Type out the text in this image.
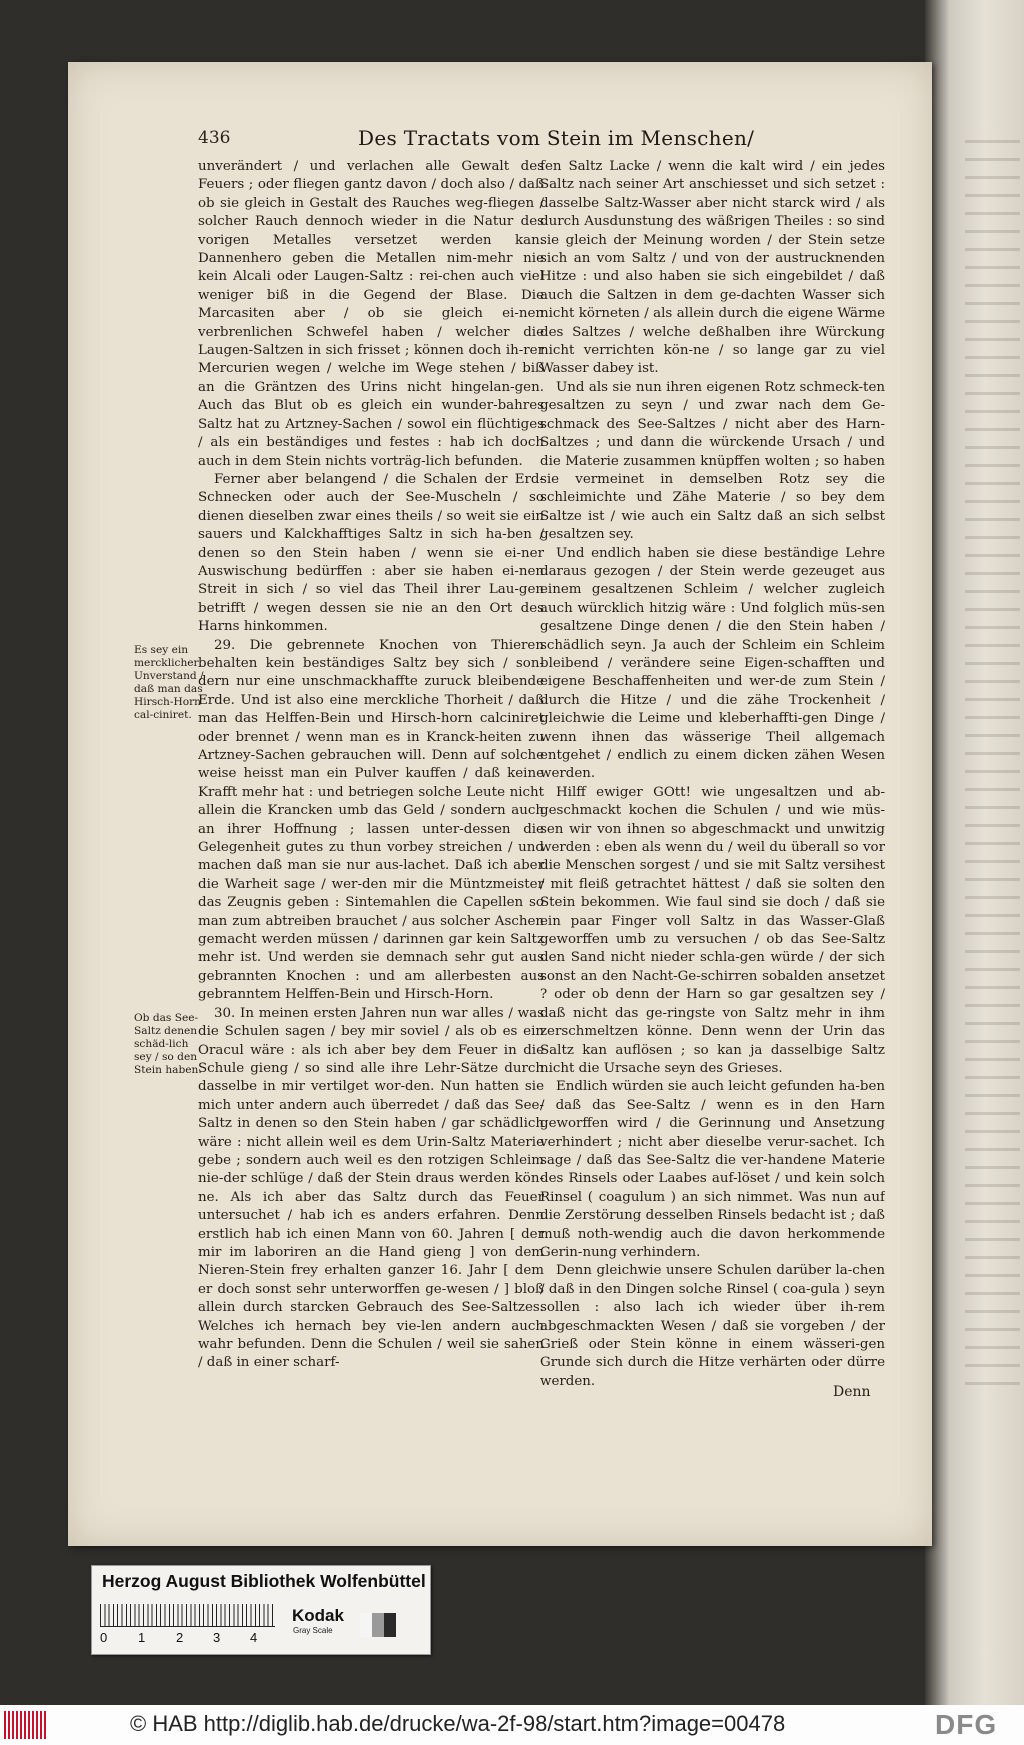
436	Des Tractats vom Stein im Menschen/

unverändert / und verlachen alle Gewalt des Feuers ; oder fliegen gantz davon / doch also / daß ob sie gleich in Gestalt des Rauches weg-fliegen / solcher Rauch dennoch wieder in die Natur des vorigen Metalles versetzet werden kan. Dannenhero geben die Metallen nim-mehr nie kein Alcali oder Laugen-Saltz : rei-chen auch viel weniger biß in die Gegend der Blase. Die Marcasiten aber / ob sie gleich ei-nen verbrenlichen Schwefel haben / welcher die Laugen-Saltzen in sich frisset ; können doch ih-rer Mercurien wegen / welche im Wege stehen / biß an die Gräntzen des Urins nicht hingelan-gen. Auch das Blut ob es gleich ein wunder-bahres Saltz hat zu Artzney-Sachen / sowol ein flüchtiges / als ein beständiges und festes : hab ich doch auch in dem Stein nichts vorträg-lich befunden.

Ferner aber belangend / die Schalen der Erd-Schnecken oder auch der See-Muscheln / so dienen dieselben zwar eines theils / so weit sie ein sauers und Kalckhafftiges Saltz in sich ha-ben / denen so den Stein haben / wenn sie ei-ner Auswischung bedürffen : aber sie haben ei-nen Streit in sich / so viel das Theil ihrer Lau-gen betrifft / wegen dessen sie nie an den Ort des Harns hinkommen.

29. Die gebrennete Knochen von Thieren behalten kein beständiges Saltz bey sich / son-dern nur eine unschmackhaffte zuruck bleibende Erde. Und ist also eine merckliche Thorheit / daß man das Helffen-Bein und Hirsch-horn calciniret oder brennet / wenn man es in Kranck-heiten zu Artzney-Sachen gebrauchen will. Denn auf solche weise heisst man ein Pulver kauffen / daß keine Krafft mehr hat : und betriegen solche Leute nicht allein die Krancken umb das Geld / sondern auch an ihrer Hoffnung ; lassen unter-dessen die Gelegenheit gutes zu thun vorbey streichen / und machen daß man sie nur aus-lachet. Daß ich aber die Warheit sage / wer-den mir die Müntzmeister das Zeugnis geben : Sintemahlen die Capellen so man zum abtreiben brauchet / aus solcher Aschen gemacht werden müssen / darinnen gar kein Saltz mehr ist. Und werden sie demnach sehr gut aus gebrannten Knochen : und am allerbesten aus gebranntem Helffen-Bein und Hirsch-Horn.

30. In meinen ersten Jahren nun war alles / was die Schulen sagen / bey mir soviel / als ob es ein Oracul wäre : als ich aber bey dem Feuer in die Schule gieng / so sind alle ihre Lehr-Sätze durch dasselbe in mir vertilget wor-den. Nun hatten sie mich unter andern auch überredet / daß das See-Saltz in denen so den Stein haben / gar schädlich wäre : nicht allein weil es dem Urin-Saltz Materie gebe ; sondern auch weil es den rotzigen Schleim nie-der schlüge / daß der Stein draus werden kön-ne. Als ich aber das Saltz durch das Feuer untersuchet / hab ich es anders erfahren. Denn erstlich hab ich einen Mann von 60. Jahren [ der mir im laboriren an die Hand gieng ] von dem Nieren-Stein frey erhalten ganzer 16. Jahr [ dem er doch sonst sehr unterworffen ge-wesen / ] bloß allein durch starcken Gebrauch des See-Saltzes. Welches ich hernach bey vie-len andern auch wahr befunden. Denn die Schulen / weil sie sahen / daß in einer scharf-

fen Saltz Lacke / wenn die kalt wird / ein jedes Saltz nach seiner Art anschiesset und sich setzet : dasselbe Saltz-Wasser aber nicht starck wird / als durch Ausdunstung des wäßrigen Theiles : so sind sie gleich der Meinung worden / der Stein setze sich an vom Saltz / und von der austrucknenden Hitze : und also haben sie sich eingebildet / daß auch die Saltzen in dem ge-dachten Wasser sich nicht körneten / als allein durch die eigene Wärme des Saltzes / welche deßhalben ihre Würckung nicht verrichten kön-ne / so lange gar zu viel Wasser dabey ist.

Und als sie nun ihren eigenen Rotz schmeck-ten gesaltzen zu seyn / und zwar nach dem Ge-schmack des See-Saltzes / nicht aber des Harn-Saltzes ; und dann die würckende Ursach / und die Materie zusammen knüpffen wolten ; so haben sie vermeinet in demselben Rotz sey die schleimichte und Zähe Materie / so bey dem Saltze ist / wie auch ein Saltz daß an sich selbst gesaltzen sey.

Und endlich haben sie diese beständige Lehre daraus gezogen / der Stein werde gezeuget aus einem gesaltzenen Schleim / welcher zugleich auch würcklich hitzig wäre : Und folglich müs-sen gesaltzene Dinge denen / die den Stein haben / schädlich seyn. Ja auch der Schleim ein Schleim bleibend / verändere seine Eigen-schafften und eigene Beschaffenheiten und wer-de zum Stein / durch die Hitze / und die zähe Trockenheit / gleichwie die Leime und kleberhaffti-gen Dinge / wenn ihnen das wässerige Theil allgemach entgehet / endlich zu einem dicken zähen Wesen werden.

Hilff ewiger GOtt! wie ungesaltzen und ab-geschmackt kochen die Schulen / und wie müs-sen wir von ihnen so abgeschmackt und unwitzig werden : eben als wenn du / weil du überall so vor die Menschen sorgest / und sie mit Saltz versihest / mit fleiß getrachtet hättest / daß sie solten den Stein bekommen. Wie faul sind sie doch / daß sie ein paar Finger voll Saltz in das Wasser-Glaß geworffen umb zu versuchen / ob das See-Saltz den Sand nicht nieder schla-gen würde / der sich sonst an den Nacht-Ge-schirren sobalden ansetzet ? oder ob denn der Harn so gar gesaltzen sey / daß nicht das ge-ringste von Saltz mehr in ihm zerschmeltzen könne. Denn wenn der Urin das Saltz kan auflösen ; so kan ja dasselbige Saltz nicht die Ursache seyn des Grieses.

Endlich würden sie auch leicht gefunden ha-ben / daß das See-Saltz / wenn es in den Harn geworffen wird / die Gerinnung und Ansetzung verhindert ; nicht aber dieselbe verur-sachet. Ich sage / daß das See-Saltz die ver-handene Materie des Rinsels oder Laabes auf-löset / und kein solch Rinsel ( coagulum ) an sich nimmet. Was nun auf die Zerstörung desselben Rinsels bedacht ist ; daß muß noth-wendig auch die davon herkommende Gerin-nung verhindern.

Denn gleichwie unsere Schulen darüber la-chen / daß in den Dingen solche Rinsel ( coa-gula ) seyn sollen : also lach ich wieder über ih-rem abgeschmackten Wesen / daß sie vorgeben / der Grieß oder Stein könne in einem wässeri-gen Grunde sich durch die Hitze verhärten oder dürre werden.

Es sey ein mercklicher Unverstand / daß man das Hirsch-Horn cal-ciniret.
Ob das See-Saltz denen schäd-lich sey / so den Stein haben.
Denn
Herzog August Bibliothek Wolfenbüttel
0 1 2 3 4
Kodak
Gray Scale
© HAB http://diglib.hab.de/drucke/wa-2f-98/start.htm?image=00478	DFG
